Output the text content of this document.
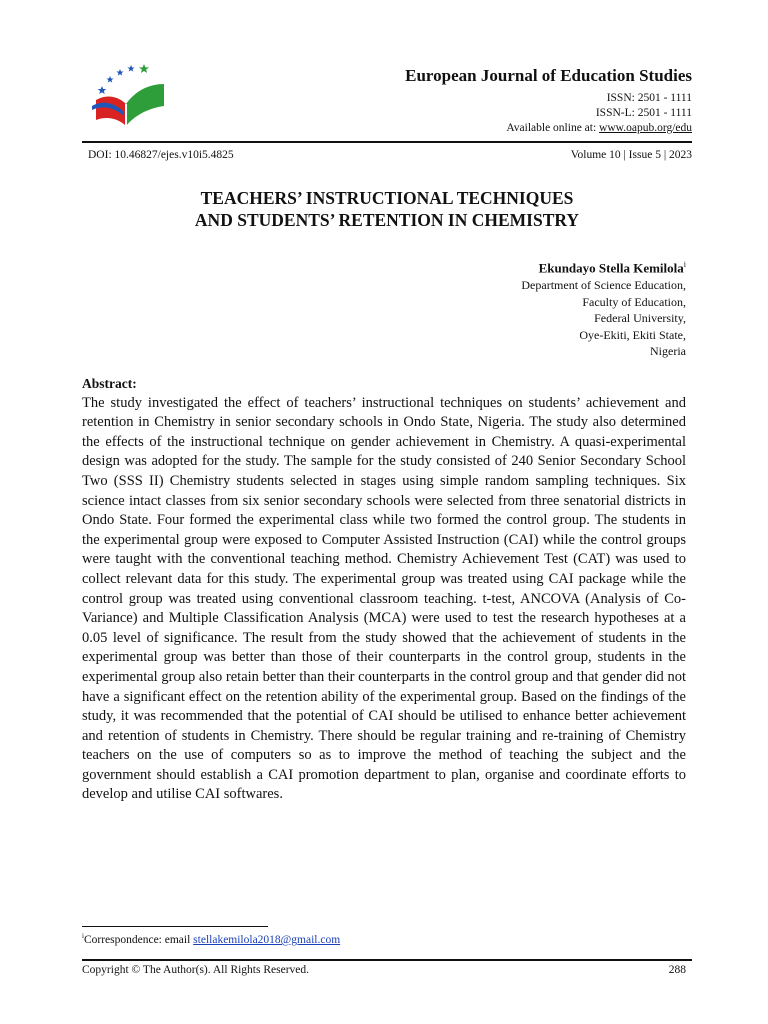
European Journal of Education Studies
ISSN: 2501 - 1111
ISSN-L: 2501 - 1111
Available online at: www.oapub.org/edu
DOI: 10.46827/ejes.v10i5.4825	Volume 10 | Issue 5 | 2023
TEACHERS’ INSTRUCTIONAL TECHNIQUES
AND STUDENTS’ RETENTION IN CHEMISTRY
Ekundayo Stella Kemilola$^i$
Department of Science Education,
Faculty of Education,
Federal University,
Oye-Ekiti, Ekiti State,
Nigeria
Abstract:

The study investigated the effect of teachers’ instructional techniques on students’ achievement and retention in Chemistry in senior secondary schools in Ondo State, Nigeria. The study also determined the effects of the instructional technique on gender achievement in Chemistry. A quasi-experimental design was adopted for the study. The sample for the study consisted of 240 Senior Secondary School Two (SSS II) Chemistry students selected in stages using simple random sampling techniques. Six science intact classes from six senior secondary schools were selected from three senatorial districts in Ondo State. Four formed the experimental class while two formed the control group. The students in the experimental group were exposed to Computer Assisted Instruction (CAI) while the control groups were taught with the conventional teaching method. Chemistry Achievement Test (CAT) was used to collect relevant data for this study. The experimental group was treated using CAI package while the control group was treated using conventional classroom teaching. t-test, ANCOVA (Analysis of Co-Variance) and Multiple Classification Analysis (MCA) were used to test the research hypotheses at a 0.05 level of significance. The result from the study showed that the achievement of students in the experimental group was better than those of their counterparts in the control group, students in the experimental group also retain better than their counterparts in the control group and that gender did not have a significant effect on the retention ability of the experimental group. Based on the findings of the study, it was recommended that the potential of CAI should be utilised to enhance better achievement and retention of students in Chemistry. There should be regular training and re-training of Chemistry teachers on the use of computers so as to improve the method of teaching the subject and the government should establish a CAI promotion department to plan, organise and coordinate efforts to develop and utilise CAI softwares.

$^i$Correspondence: email stellakemilola2018@gmail.com
Copyright © The Author(s). All Rights Reserved.	288
